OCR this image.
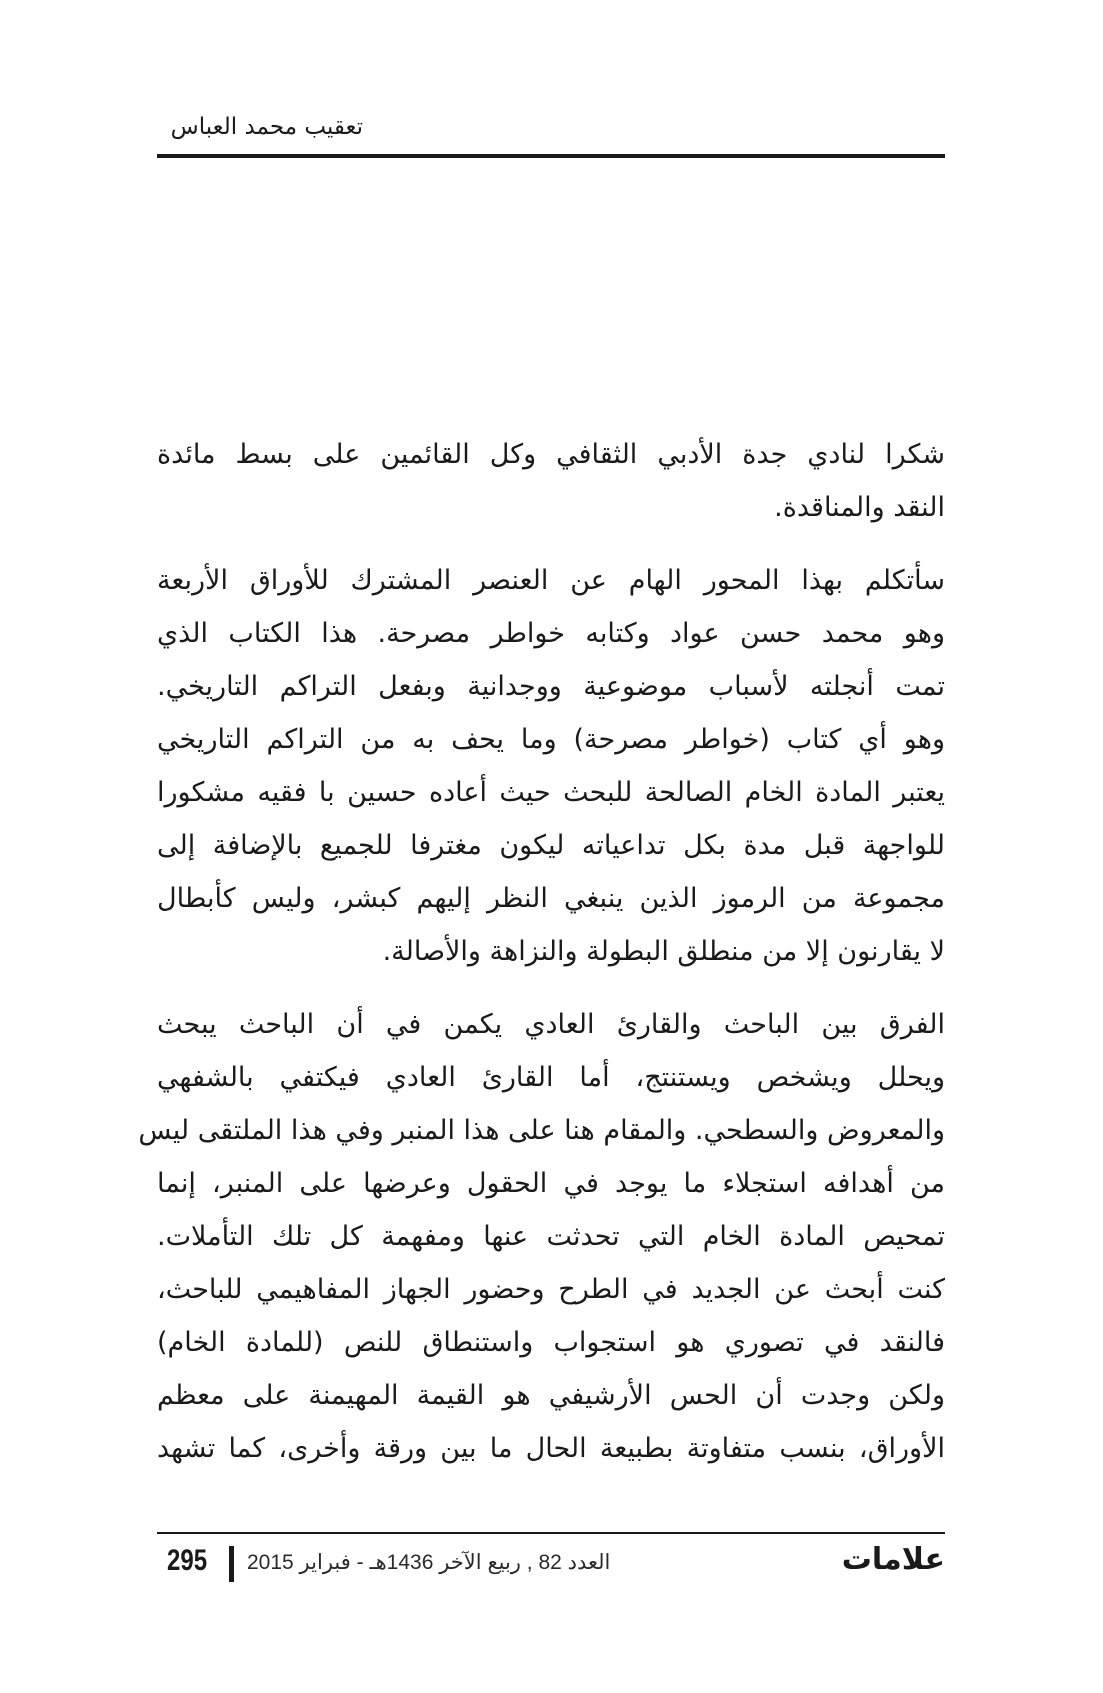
تعقيب محمد العباس

شكرا لنادي جدة الأدبي الثقافي وكل القائمين على بسط مائدة
النقد والمناقدة.

سأتكلم بهذا المحور الهام عن العنصر المشترك للأوراق الأربعة
وهو محمد حسن عواد وكتابه خواطر مصرحة. هذا الكتاب الذي
تمت أنجلته لأسباب موضوعية ووجدانية وبفعل التراكم التاريخي.
وهو أي كتاب (خواطر مصرحة) وما يحف به من التراكم التاريخي
يعتبر المادة الخام الصالحة للبحث حيث أعاده حسين با فقيه مشكورا
للواجهة قبل مدة بكل تداعياته ليكون مغترفا للجميع بالإضافة إلى
مجموعة من الرموز الذين ينبغي النظر إليهم كبشر، وليس كأبطال
لا يقارنون إلا من منطلق البطولة والنزاهة والأصالة.

الفرق بين الباحث والقارئ العادي يكمن في أن الباحث يبحث
ويحلل ويشخص ويستنتج، أما القارئ العادي فيكتفي بالشفهي
والمعروض والسطحي. والمقام هنا على هذا المنبر وفي هذا الملتقى ليس
من أهدافه استجلاء ما يوجد في الحقول وعرضها على المنبر، إنما
تمحيص المادة الخام التي تحدثت عنها ومفهمة كل تلك التأملات.
كنت أبحث عن الجديد في الطرح وحضور الجهاز المفاهيمي للباحث،
فالنقد في تصوري هو استجواب واستنطاق للنص (للمادة الخام)
ولكن وجدت أن الحس الأرشيفي هو القيمة المهيمنة على معظم
الأوراق، بنسب متفاوتة بطبيعة الحال ما بين ورقة وأخرى، كما تشهد

295 العدد 82 , ربيع الآخر 1436هـ - فبراير 2015	علامات
